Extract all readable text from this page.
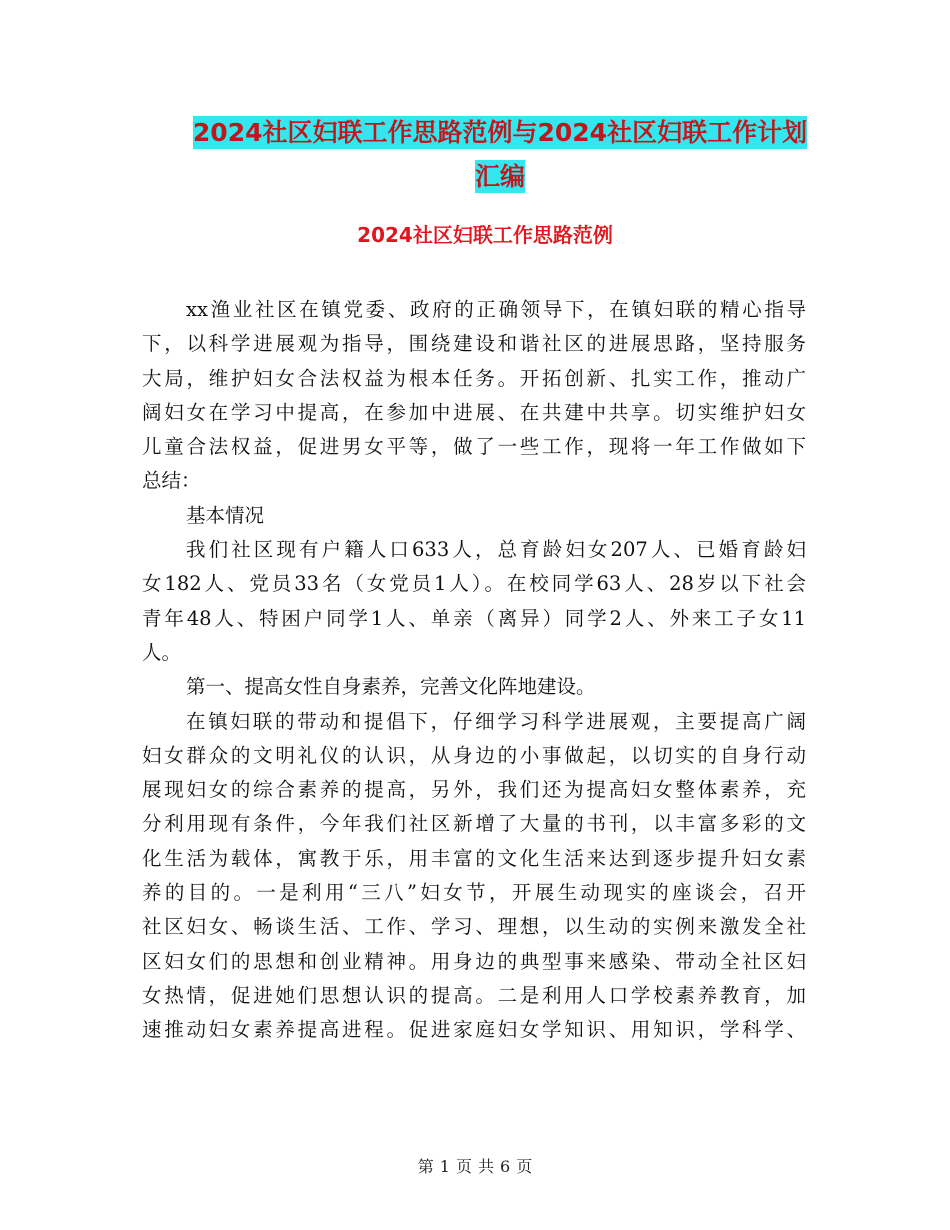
2024社区妇联工作思路范例与2024社区妇联工作计划
汇编
2024社区妇联工作思路范例
xx渔业社区在镇党委、政府的正确领导下，在镇妇联的精心指导
下，以科学进展观为指导，围绕建设和谐社区的进展思路，坚持服务
大局，维护妇女合法权益为根本任务。开拓创新、扎实工作，推动广
阔妇女在学习中提高，在参加中进展、在共建中共享。切实维护妇女
儿童合法权益，促进男女平等，做了一些工作，现将一年工作做如下
总结：
基本情况
我们社区现有户籍人口633人，总育龄妇女207人、已婚育龄妇
女182人、党员33名（女党员1人）。在校同学63人、28岁以下社会
青年48人、特困户同学1人、单亲（离异）同学2人、外来工子女11
人。
第一、提高女性自身素养，完善文化阵地建设。
在镇妇联的带动和提倡下，仔细学习科学进展观，主要提高广阔
妇女群众的文明礼仪的认识，从身边的小事做起，以切实的自身行动
展现妇女的综合素养的提高，另外，我们还为提高妇女整体素养，充
分利用现有条件，今年我们社区新增了大量的书刊，以丰富多彩的文
化生活为载体，寓教于乐，用丰富的文化生活来达到逐步提升妇女素
养的目的。一是利用“三八”妇女节，开展生动现实的座谈会，召开
社区妇女、畅谈生活、工作、学习、理想，以生动的实例来激发全社
区妇女们的思想和创业精神。用身边的典型事来感染、带动全社区妇
女热情，促进她们思想认识的提高。二是利用人口学校素养教育，加
速推动妇女素养提高进程。促进家庭妇女学知识、用知识，学科学、
第 1 页 共 6 页
